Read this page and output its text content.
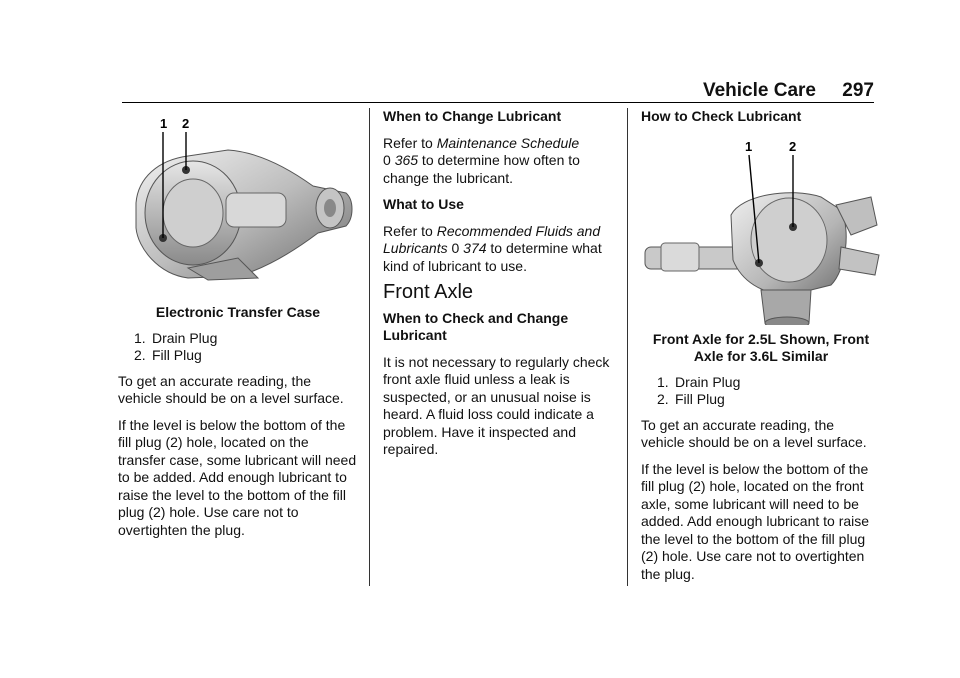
Vehicle Care 297
1 2
Electronic Transfer Case
1. Drain Plug
2. Fill Plug

To get an accurate reading, the vehicle should be on a level surface.

If the level is below the bottom of the fill plug (2) hole, located on the transfer case, some lubricant will need to be added. Add enough lubricant to raise the level to the bottom of the fill plug (2) hole. Use care not to overtighten the plug.

When to Change Lubricant

Refer to Maintenance Schedule
0 365 to determine how often to change the lubricant.

What to Use

Refer to Recommended Fluids and Lubricants 0 374 to determine what kind of lubricant to use.

Front Axle

When to Check and Change Lubricant

It is not necessary to regularly check front axle fluid unless a leak is suspected, or an unusual noise is heard. A fluid loss could indicate a problem. Have it inspected and repaired.

How to Check Lubricant

1	2
Front Axle for 2.5L Shown, Front Axle for 3.6L Similar
1. Drain Plug
2. Fill Plug

To get an accurate reading, the vehicle should be on a level surface.

If the level is below the bottom of the fill plug (2) hole, located on the front axle, some lubricant will need to be added. Add enough lubricant to raise the level to the bottom of the fill plug (2) hole. Use care not to overtighten the plug.
